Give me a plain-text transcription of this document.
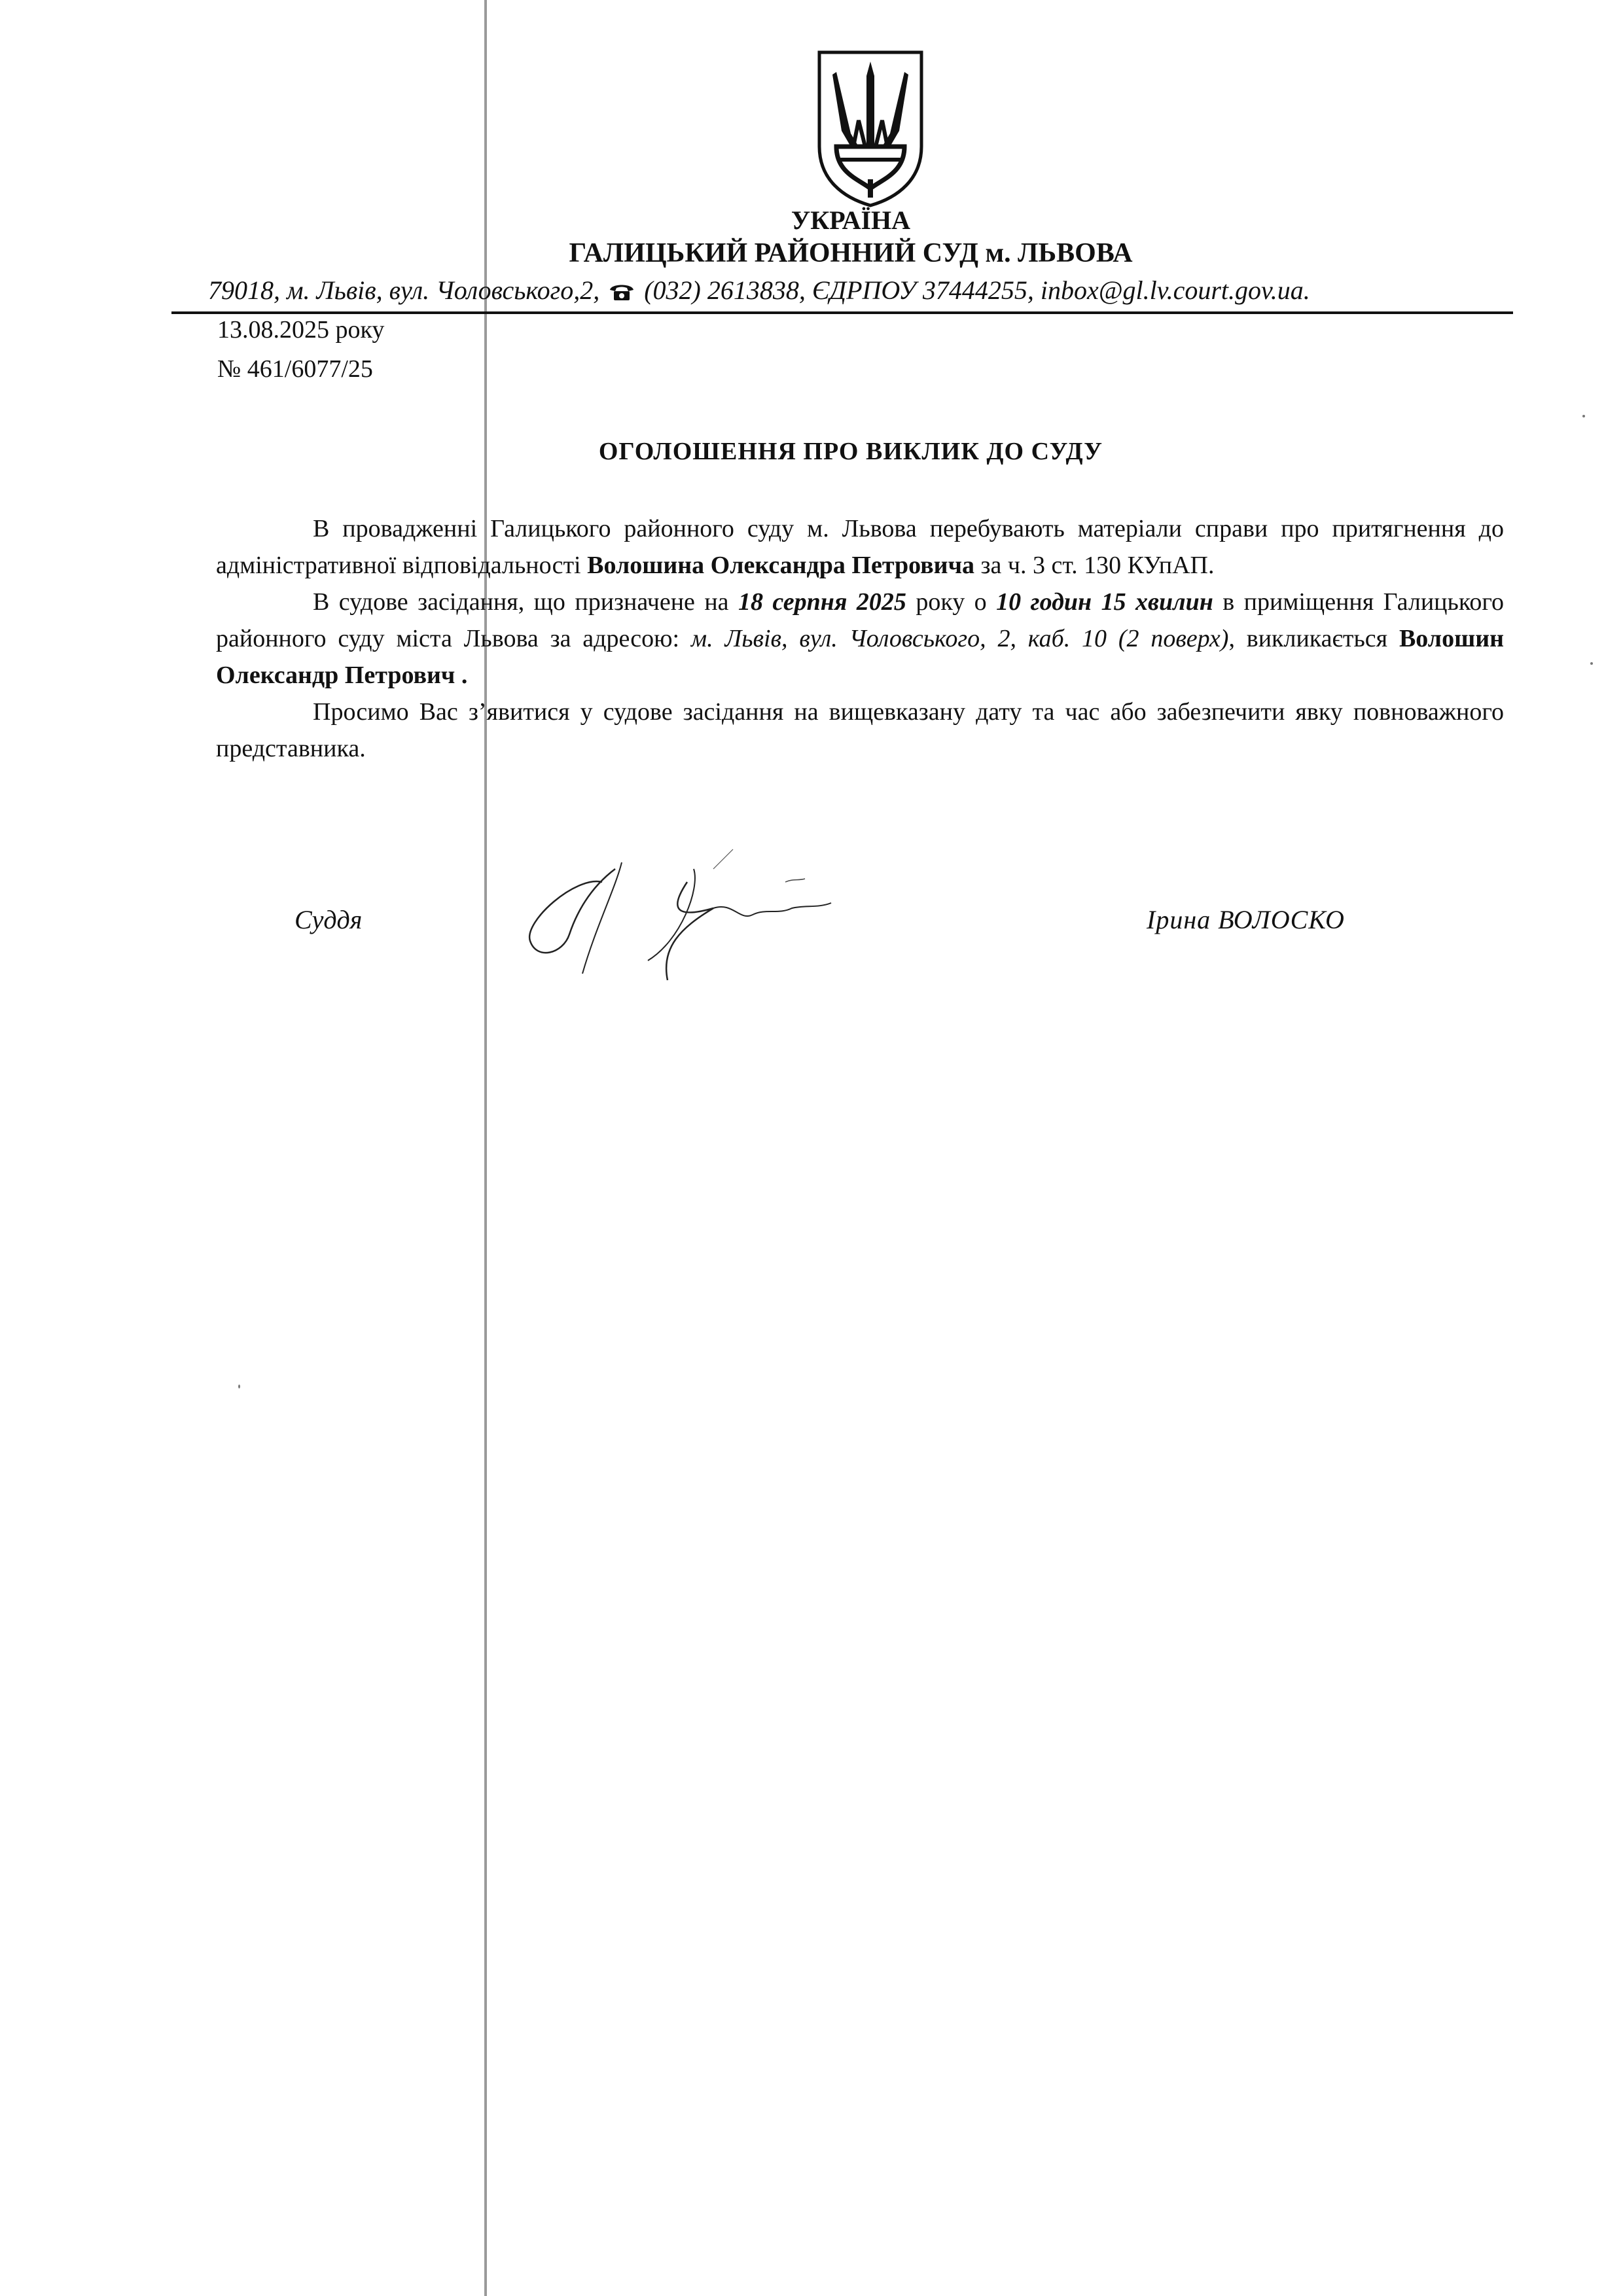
УКРАЇНА
ГАЛИЦЬКИЙ РАЙОННИЙ СУД м. ЛЬВОВА
79018, м. Львів, вул. Чоловського,2, (032) 2613838, ЄДРПОУ 37444255, inbox@gl.lv.court.gov.ua.
13.08.2025 року
№ 461/6077/25
ОГОЛОШЕННЯ ПРО ВИКЛИК ДО СУДУ

В провадженні Галицького районного суду м. Львова перебувають матеріали справи про притягнення до адміністративної відповідальності Волошина Олександра Петровича за ч. 3 ст. 130 КУпАП.

В судове засідання, що призначене на 18 серпня 2025 року о 10 годин 15 хвилин в приміщення Галицького районного суду міста Львова за адресою: м. Львів, вул. Чоловського, 2, каб. 10 (2 поверх), викликається Волошин Олександр Петрович .

Просимо Вас з’явитися у судове засідання на вищевказану дату та час або забезпечити явку повноважного представника.

Суддя	Ірина ВОЛОСКО
